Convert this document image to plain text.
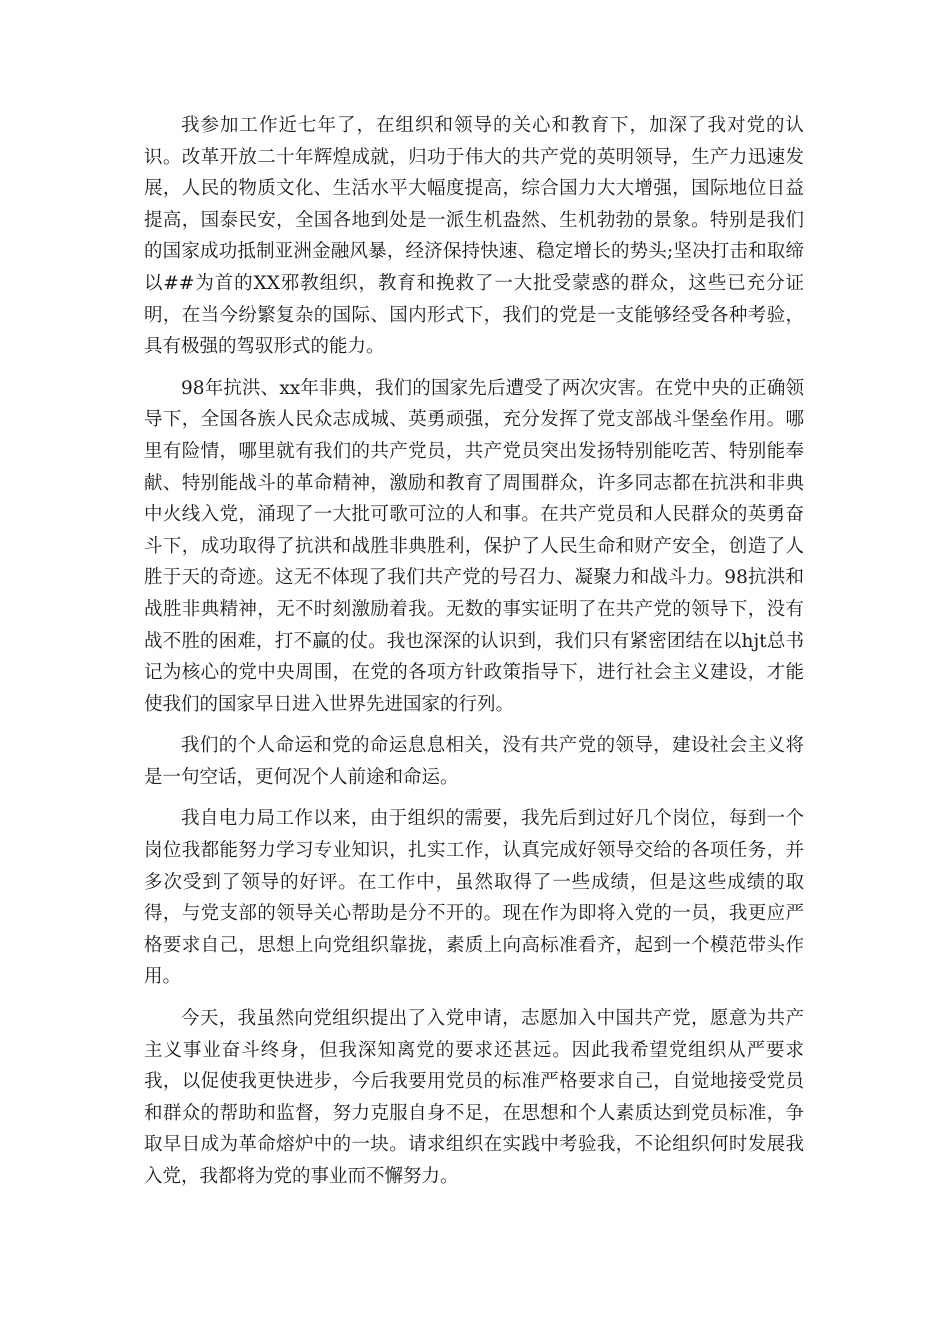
我参加工作近七年了，在组织和领导的关心和教育下，加深了我对党的认识。改革开放二十年辉煌成就，归功于伟大的共产党的英明领导，生产力迅速发展，人民的物质文化、生活水平大幅度提高，综合国力大大增强，国际地位日益提高，国泰民安，全国各地到处是一派生机盎然、生机勃勃的景象。特别是我们的国家成功抵制亚洲金融风暴，经济保持快速、稳定增长的势头;坚决打击和取缔以##为首的XX邪教组织，教育和挽救了一大批受蒙惑的群众，这些已充分证明，在当今纷繁复杂的国际、国内形式下，我们的党是一支能够经受各种考验，具有极强的驾驭形式的能力。

98年抗洪、xx年非典，我们的国家先后遭受了两次灾害。在党中央的正确领导下，全国各族人民众志成城、英勇顽强，充分发挥了党支部战斗堡垒作用。哪里有险情，哪里就有我们的共产党员，共产党员突出发扬特别能吃苦、特别能奉献、特别能战斗的革命精神，激励和教育了周围群众，许多同志都在抗洪和非典中火线入党，涌现了一大批可歌可泣的人和事。在共产党员和人民群众的英勇奋斗下，成功取得了抗洪和战胜非典胜利，保护了人民生命和财产安全，创造了人胜于天的奇迹。这无不体现了我们共产党的号召力、凝聚力和战斗力。98抗洪和战胜非典精神，无不时刻激励着我。无数的事实证明了在共产党的领导下，没有战不胜的困难，打不赢的仗。我也深深的认识到，我们只有紧密团结在以hjt总书记为核心的党中央周围，在党的各项方针政策指导下，进行社会主义建设，才能使我们的国家早日进入世界先进国家的行列。

我们的个人命运和党的命运息息相关，没有共产党的领导，建设社会主义将是一句空话，更何况个人前途和命运。

我自电力局工作以来，由于组织的需要，我先后到过好几个岗位，每到一个岗位我都能努力学习专业知识，扎实工作，认真完成好领导交给的各项任务，并多次受到了领导的好评。在工作中，虽然取得了一些成绩，但是这些成绩的取得，与党支部的领导关心帮助是分不开的。现在作为即将入党的一员，我更应严格要求自己，思想上向党组织靠拢，素质上向高标准看齐，起到一个模范带头作用。

今天，我虽然向党组织提出了入党申请，志愿加入中国共产党，愿意为共产主义事业奋斗终身，但我深知离党的要求还甚远。因此我希望党组织从严要求我，以促使我更快进步，今后我要用党员的标准严格要求自己，自觉地接受党员和群众的帮助和监督，努力克服自身不足，在思想和个人素质达到党员标准，争取早日成为革命熔炉中的一块。请求组织在实践中考验我，不论组织何时发展我入党，我都将为党的事业而不懈努力。
